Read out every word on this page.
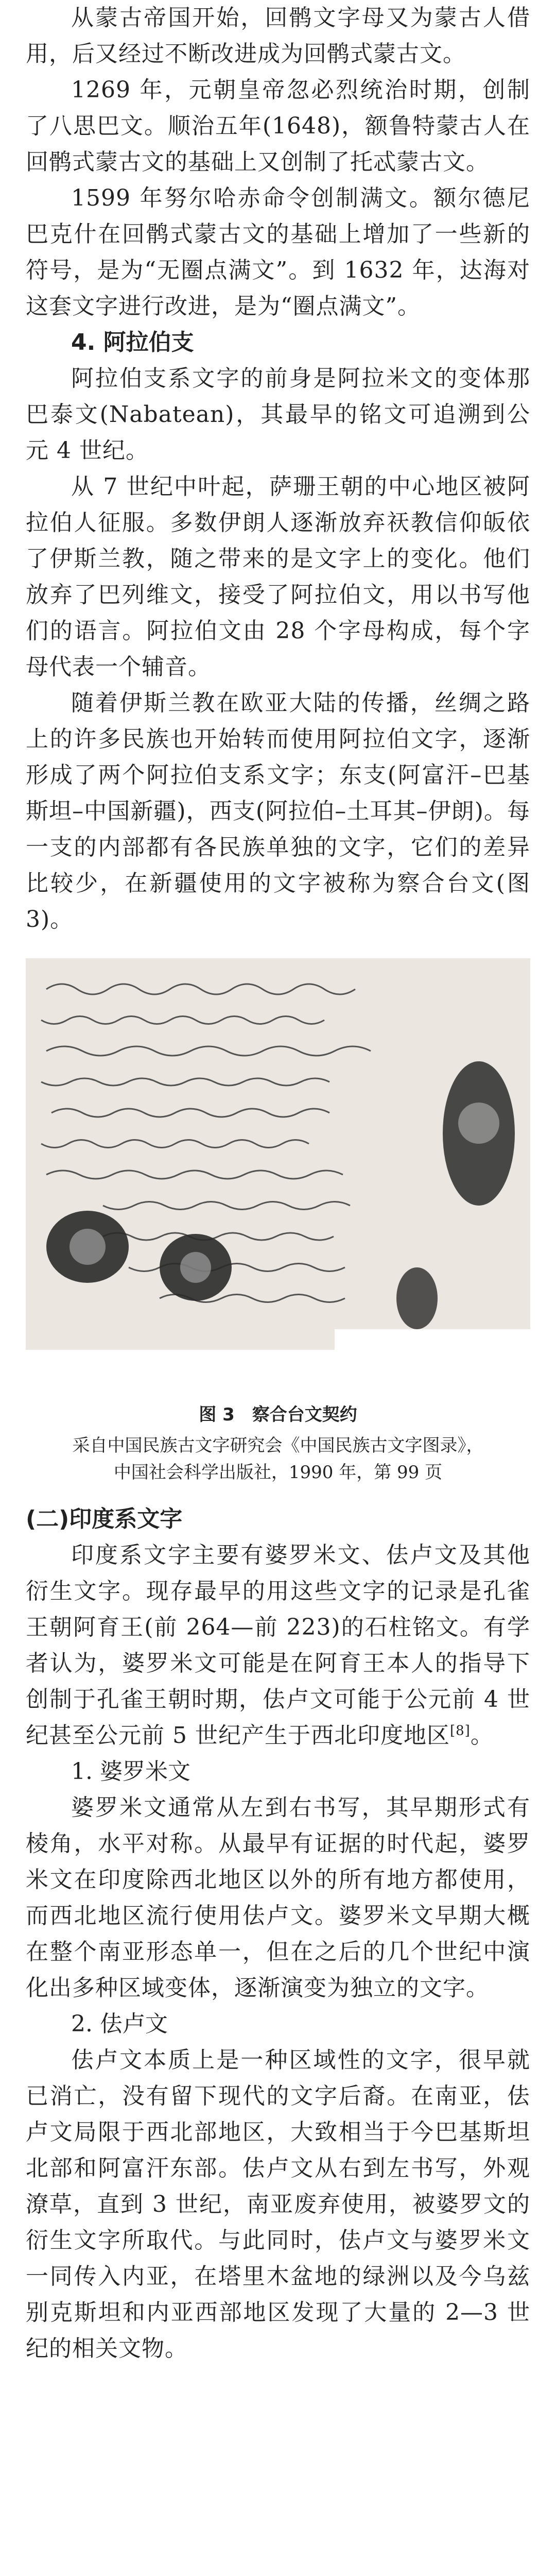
从蒙古帝国开始，回鹘文字母又为蒙古人借用，后又经过不断改进成为回鹘式蒙古文。

1269 年，元朝皇帝忽必烈统治时期，创制了八思巴文。顺治五年(1648)，额鲁特蒙古人在回鹘式蒙古文的基础上又创制了托忒蒙古文。

1599 年努尔哈赤命令创制满文。额尔德尼巴克什在回鹘式蒙古文的基础上增加了一些新的符号，是为“无圈点满文”。到 1632 年，达海对这套文字进行改进，是为“圈点满文”。

4. 阿拉伯支

阿拉伯支系文字的前身是阿拉米文的变体那巴泰文(Nabatean)，其最早的铭文可追溯到公元 4 世纪。

从 7 世纪中叶起，萨珊王朝的中心地区被阿拉伯人征服。多数伊朗人逐渐放弃祆教信仰皈依了伊斯兰教，随之带来的是文字上的变化。他们放弃了巴列维文，接受了阿拉伯文，用以书写他们的语言。阿拉伯文由 28 个字母构成，每个字母代表一个辅音。

随着伊斯兰教在欧亚大陆的传播，丝绸之路上的许多民族也开始转而使用阿拉伯文字，逐渐形成了两个阿拉伯支系文字；东支(阿富汗–巴基斯坦–中国新疆)，西支(阿拉伯–土耳其–伊朗)。每一支的内部都有各民族单独的文字，它们的差异比较少，在新疆使用的文字被称为察合台文(图 3)。

图 3　察合台文契约

采自中国民族古文字研究会《中国民族古文字图录》，

中国社会科学出版社，1990 年，第 99 页

(二)印度系文字

印度系文字主要有婆罗米文、佉卢文及其他衍生文字。现存最早的用这些文字的记录是孔雀王朝阿育王(前 264—前 223)的石柱铭文。有学者认为，婆罗米文可能是在阿育王本人的指导下创制于孔雀王朝时期，佉卢文可能于公元前 4 世纪甚至公元前 5 世纪产生于西北印度地区[8]。

1. 婆罗米文

婆罗米文通常从左到右书写，其早期形式有棱角，水平对称。从最早有证据的时代起，婆罗米文在印度除西北地区以外的所有地方都使用，而西北地区流行使用佉卢文。婆罗米文早期大概在整个南亚形态单一，但在之后的几个世纪中演化出多种区域变体，逐渐演变为独立的文字。

2. 佉卢文

佉卢文本质上是一种区域性的文字，很早就已消亡，没有留下现代的文字后裔。在南亚，佉卢文局限于西北部地区，大致相当于今巴基斯坦北部和阿富汗东部。佉卢文从右到左书写，外观潦草，直到 3 世纪，南亚废弃使用，被婆罗文的衍生文字所取代。与此同时，佉卢文与婆罗米文一同传入内亚，在塔里木盆地的绿洲以及今乌兹别克斯坦和内亚西部地区发现了大量的 2—3 世纪的相关文物。
